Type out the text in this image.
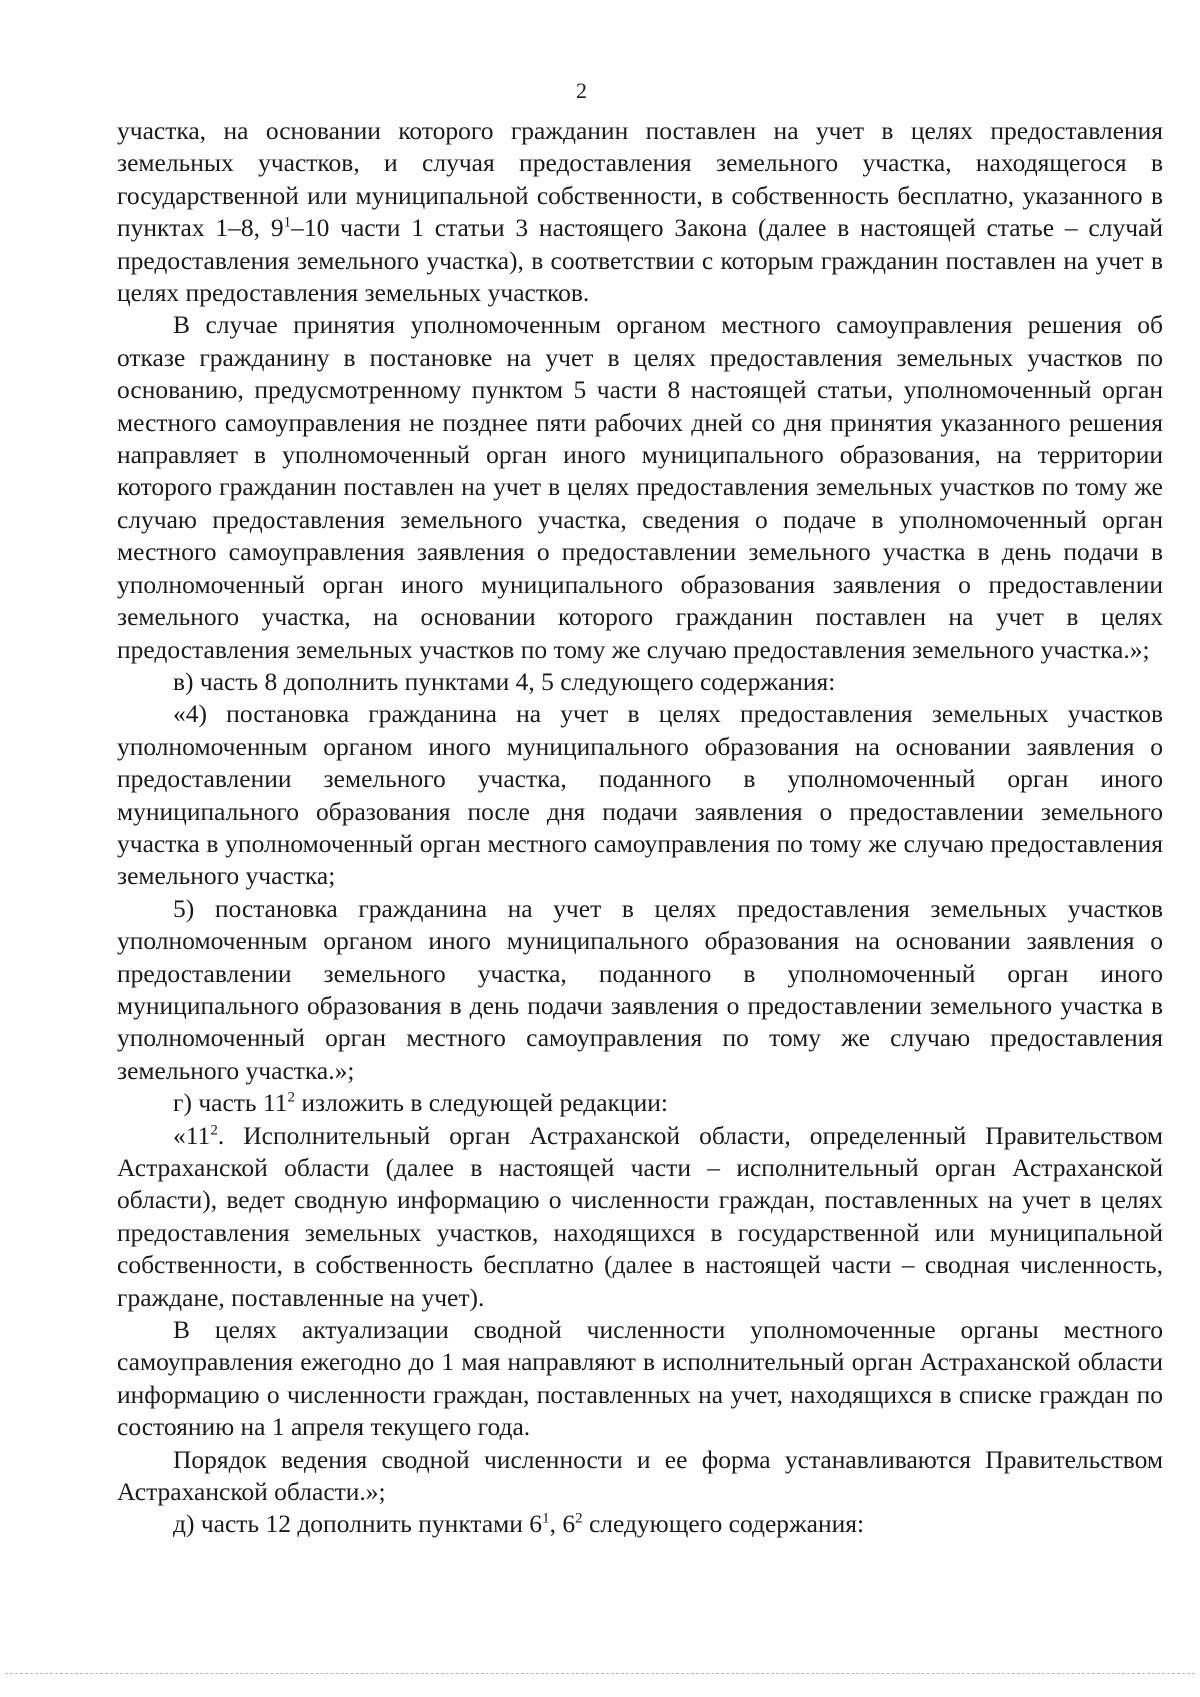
2

участка, на основании которого гражданин поставлен на учет в целях предоставления земельных участков, и случая предоставления земельного участка, находящегося в государственной или муниципальной собственности, в собственность бесплатно, указанного в пунктах 1–8, $9^1-10$ части 1 статьи 3 настоящего Закона (далее в настоящей статье – случай предоставления земельного участка), в соответствии с которым гражданин поставлен на учет в целях предоставления земельных участков.

В случае принятия уполномоченным органом местного самоуправления решения об отказе гражданину в постановке на учет в целях предоставления земельных участков по основанию, предусмотренному пунктом 5 части 8 настоящей статьи, уполномоченный орган местного самоуправления не позднее пяти рабочих дней со дня принятия указанного решения направляет в уполномоченный орган иного муниципального образования, на территории которого гражданин поставлен на учет в целях предоставления земельных участков по тому же случаю предоставления земельного участка, сведения о подаче в уполномоченный орган местного самоуправления заявления о предоставлении земельного участка в день подачи в уполномоченный орган иного муниципального образования заявления о предоставлении земельного участка, на основании которого гражданин поставлен на учет в целях предоставления земельных участков по тому же случаю предоставления земельного участка.»;

в) часть 8 дополнить пунктами 4, 5 следующего содержания:

«4) постановка гражданина на учет в целях предоставления земельных участков уполномоченным органом иного муниципального образования на основании заявления о предоставлении земельного участка, поданного в уполномоченный орган иного муниципального образования после дня подачи заявления о предоставлении земельного участка в уполномоченный орган местного самоуправления по тому же случаю предоставления земельного участка;

5) постановка гражданина на учет в целях предоставления земельных участков уполномоченным органом иного муниципального образования на основании заявления о предоставлении земельного участка, поданного в уполномоченный орган иного муниципального образования в день подачи заявления о предоставлении земельного участка в уполномоченный орган местного самоуправления по тому же случаю предоставления земельного участка.»;

г) часть $11^2$ изложить в следующей редакции:

«$11^2$. Исполнительный орган Астраханской области, определенный Правительством Астраханской области (далее в настоящей части – исполнительный орган Астраханской области), ведет сводную информацию о численности граждан, поставленных на учет в целях предоставления земельных участков, находящихся в государственной или муниципальной собственности, в собственность бесплатно (далее в настоящей части – сводная численность, граждане, поставленные на учет).

В целях актуализации сводной численности уполномоченные органы местного самоуправления ежегодно до 1 мая направляют в исполнительный орган Астраханской области информацию о численности граждан, поставленных на учет, находящихся в списке граждан по состоянию на 1 апреля текущего года.

Порядок ведения сводной численности и ее форма устанавливаются Правительством Астраханской области.»;

д) часть 12 дополнить пунктами $6^1$, $6^2$ следующего содержания:
